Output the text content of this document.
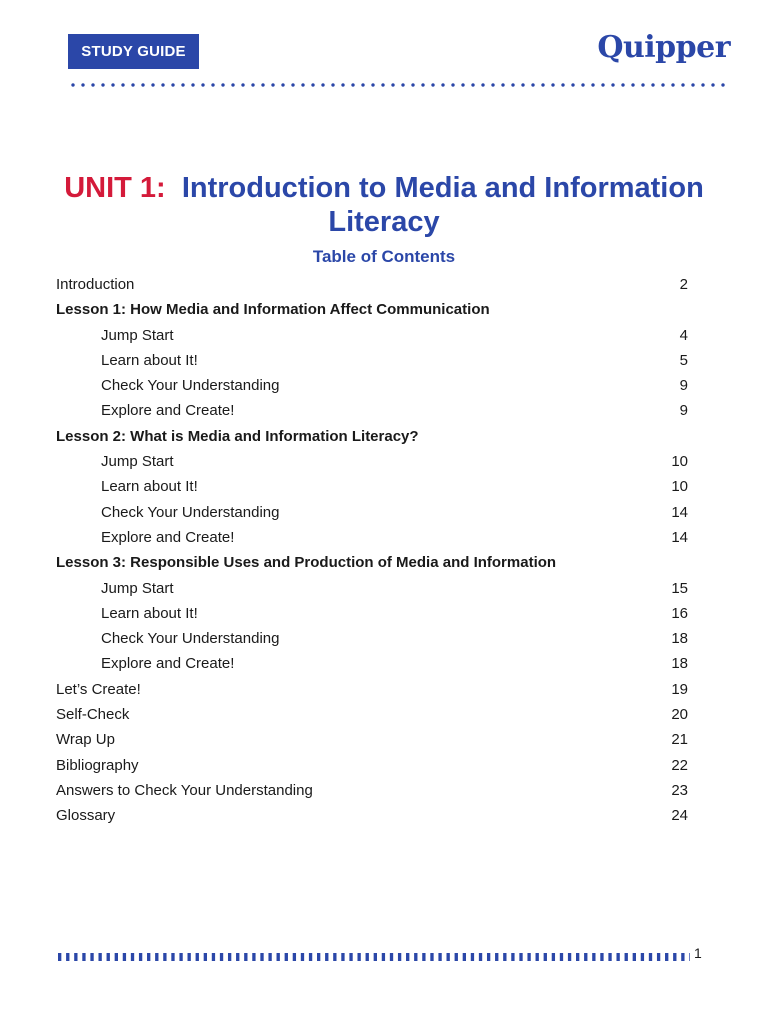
STUDY GUIDE	Quipper
UNIT 1: Introduction to Media and Information Literacy
Table of Contents
Introduction	2
Lesson 1: How Media and Information Affect Communication
Jump Start	4
Learn about It!	5
Check Your Understanding	9
Explore and Create!	9
Lesson 2: What is Media and Information Literacy?
Jump Start	10
Learn about It!	10
Check Your Understanding	14
Explore and Create!	14
Lesson 3: Responsible Uses and Production of Media and Information
Jump Start	15
Learn about It!	16
Check Your Understanding	18
Explore and Create!	18
Let’s Create!	19
Self-Check	20
Wrap Up	21
Bibliography	22
Answers to Check Your Understanding	23
Glossary	24
1
